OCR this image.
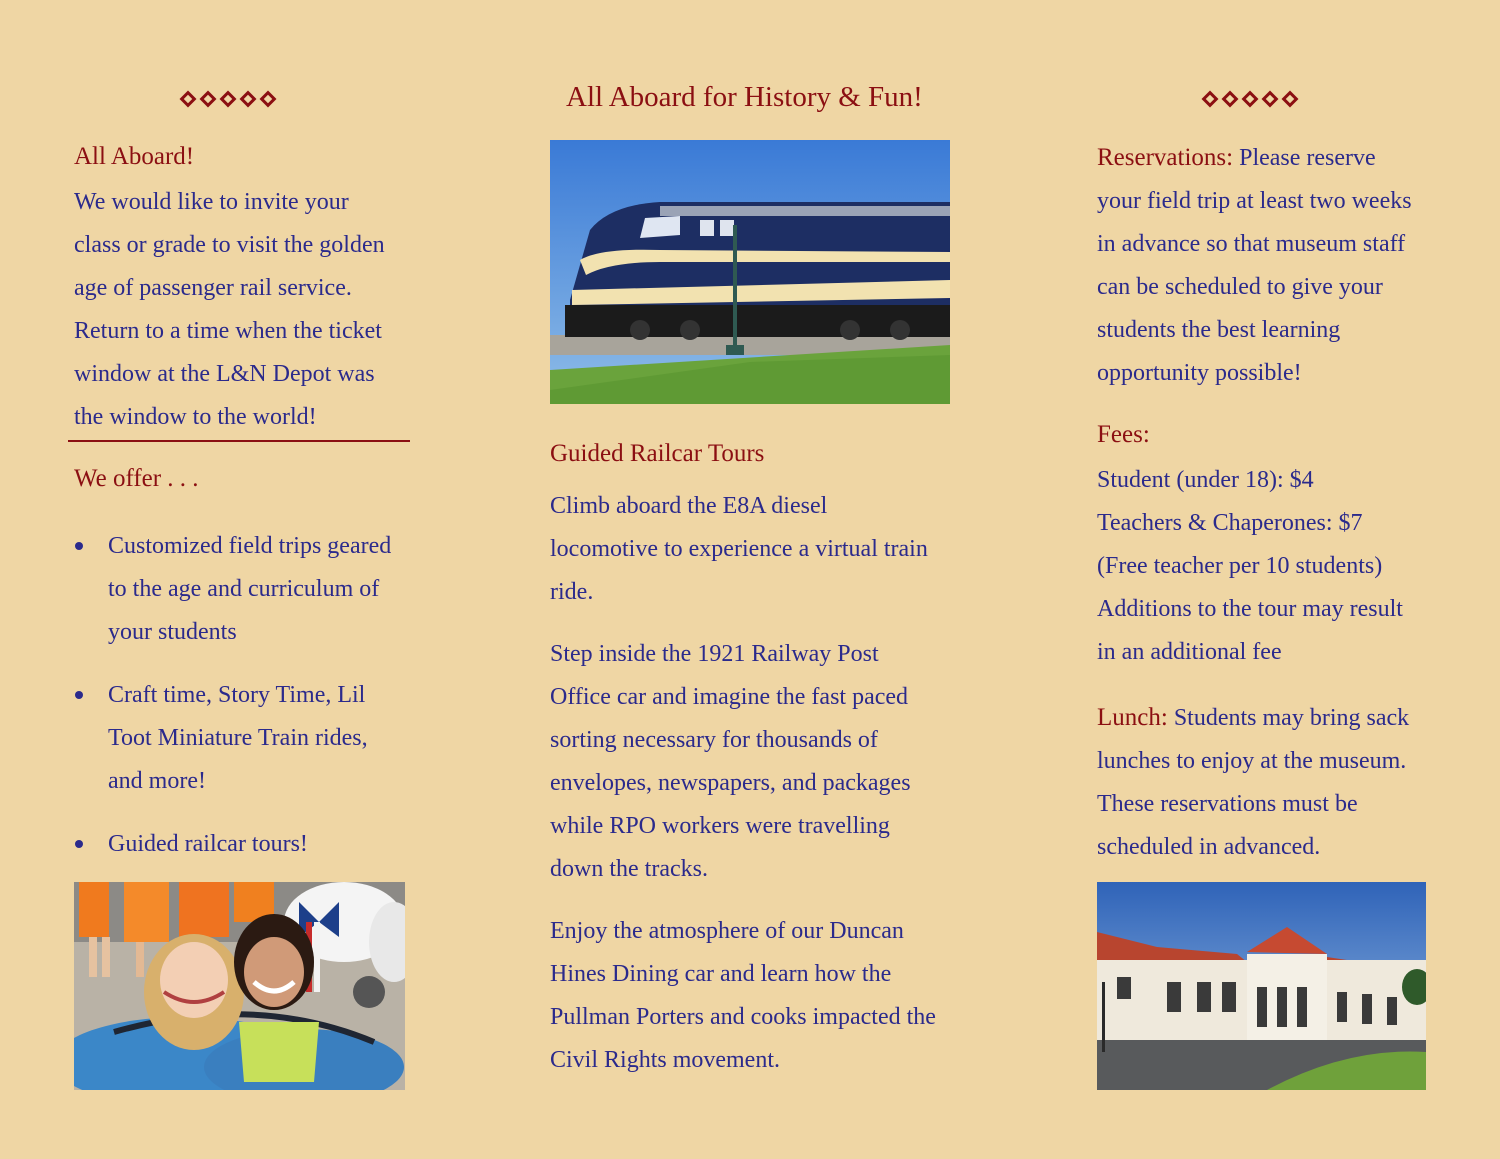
All Aboard!
We would like to invite your
class or grade to visit the golden
age of passenger rail service.
Return to a time when the ticket
window at the L&N Depot was
the window to the world!
We offer . . .
Customized field trips geared
to the age and curriculum of
your students
Craft time, Story Time, Lil
Toot Miniature Train rides,
and more!
Guided railcar tours!
All Aboard for History & Fun!
Guided Railcar Tours
Climb aboard the E8A diesel
locomotive to experience a virtual train
ride.
Step inside the 1921 Railway Post
Office car and imagine the fast paced
sorting necessary for thousands of
envelopes, newspapers, and packages
while RPO workers were travelling
down the tracks.
Enjoy the atmosphere of our Duncan
Hines Dining car and learn how the
Pullman Porters and cooks impacted the
Civil Rights movement.
Reservations: Please reserve
your field trip at least two weeks
in advance so that museum staff
can be scheduled to give your
students the best learning
opportunity possible!
Fees:
Student (under 18): $4
Teachers & Chaperones: $7
(Free teacher per 10 students)
Additions to the tour may result
in an additional fee
Lunch: Students may bring sack
lunches to enjoy at the museum.
These reservations must be
scheduled in advanced.
